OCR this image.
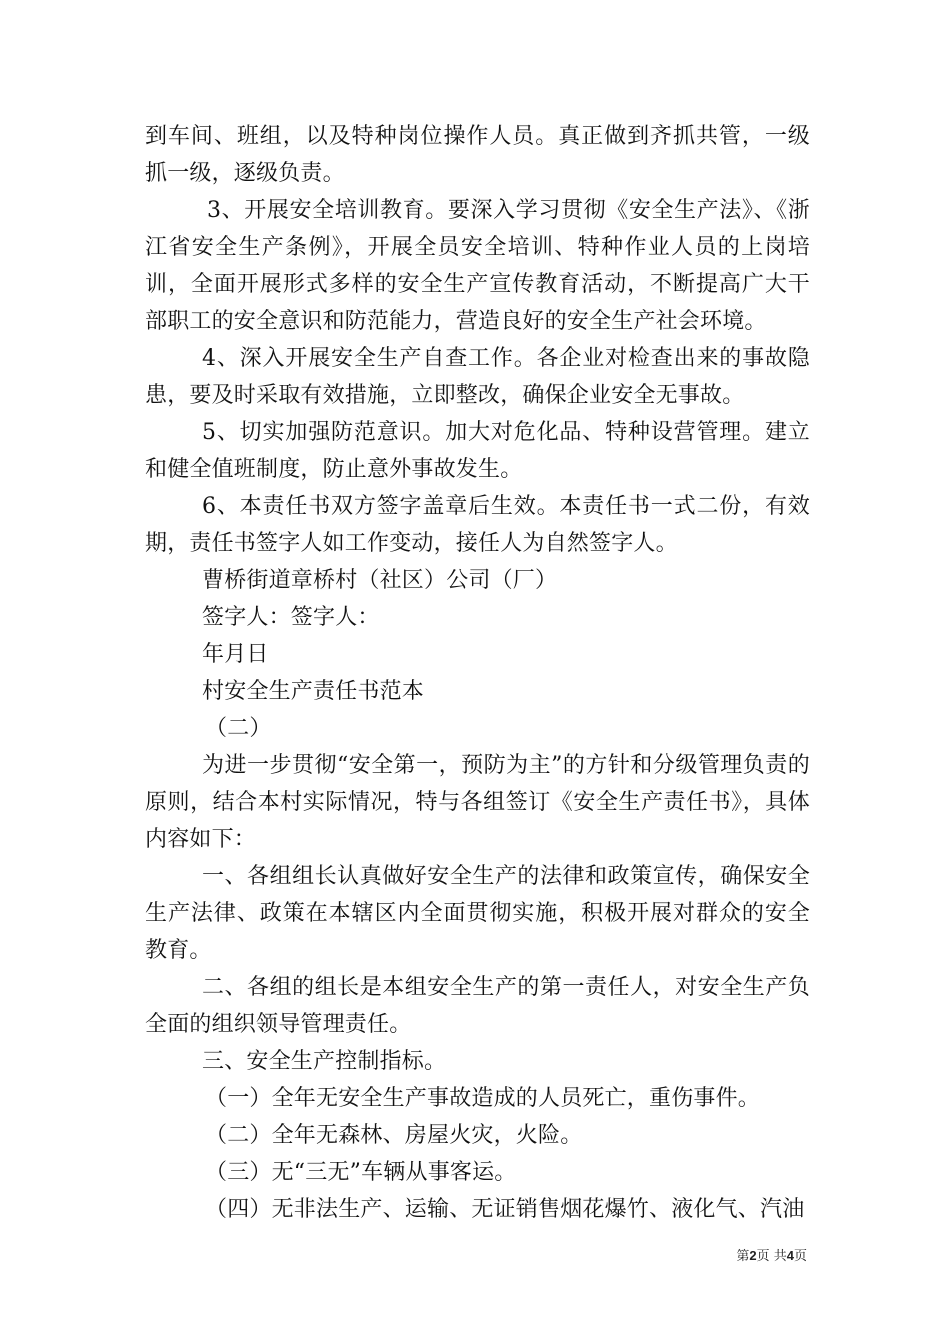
到车间、班组，以及特种岗位操作人员。真正做到齐抓共管，一级抓一级，逐级负责。

3、开展安全培训教育。要深入学习贯彻《安全生产法》、《浙江省安全生产条例》，开展全员安全培训、特种作业人员的上岗培训，全面开展形式多样的安全生产宣传教育活动，不断提高广大干部职工的安全意识和防范能力，营造良好的安全生产社会环境。

4、深入开展安全生产自查工作。各企业对检查出来的事故隐患，要及时采取有效措施，立即整改，确保企业安全无事故。

5、切实加强防范意识。加大对危化品、特种设营管理。建立和健全值班制度，防止意外事故发生。

6、本责任书双方签字盖章后生效。本责任书一式二份，有效期，责任书签字人如工作变动，接任人为自然签字人。

曹桥街道章桥村（社区）公司（厂）

签字人：签字人：

年月日

村安全生产责任书范本

（二）

为进一步贯彻“安全第一，预防为主”的方针和分级管理负责的原则，结合本村实际情况，特与各组签订《安全生产责任书》，具体内容如下：

一、各组组长认真做好安全生产的法律和政策宣传，确保安全生产法律、政策在本辖区内全面贯彻实施，积极开展对群众的安全教育。

二、各组的组长是本组安全生产的第一责任人，对安全生产负全面的组织领导管理责任。

三、安全生产控制指标。

（一）全年无安全生产事故造成的人员死亡，重伤事件。

（二）全年无森林、房屋火灾，火险。

（三）无“三无”车辆从事客运。

（四）无非法生产、运输、无证销售烟花爆竹、液化气、汽油

第2页 共4页
